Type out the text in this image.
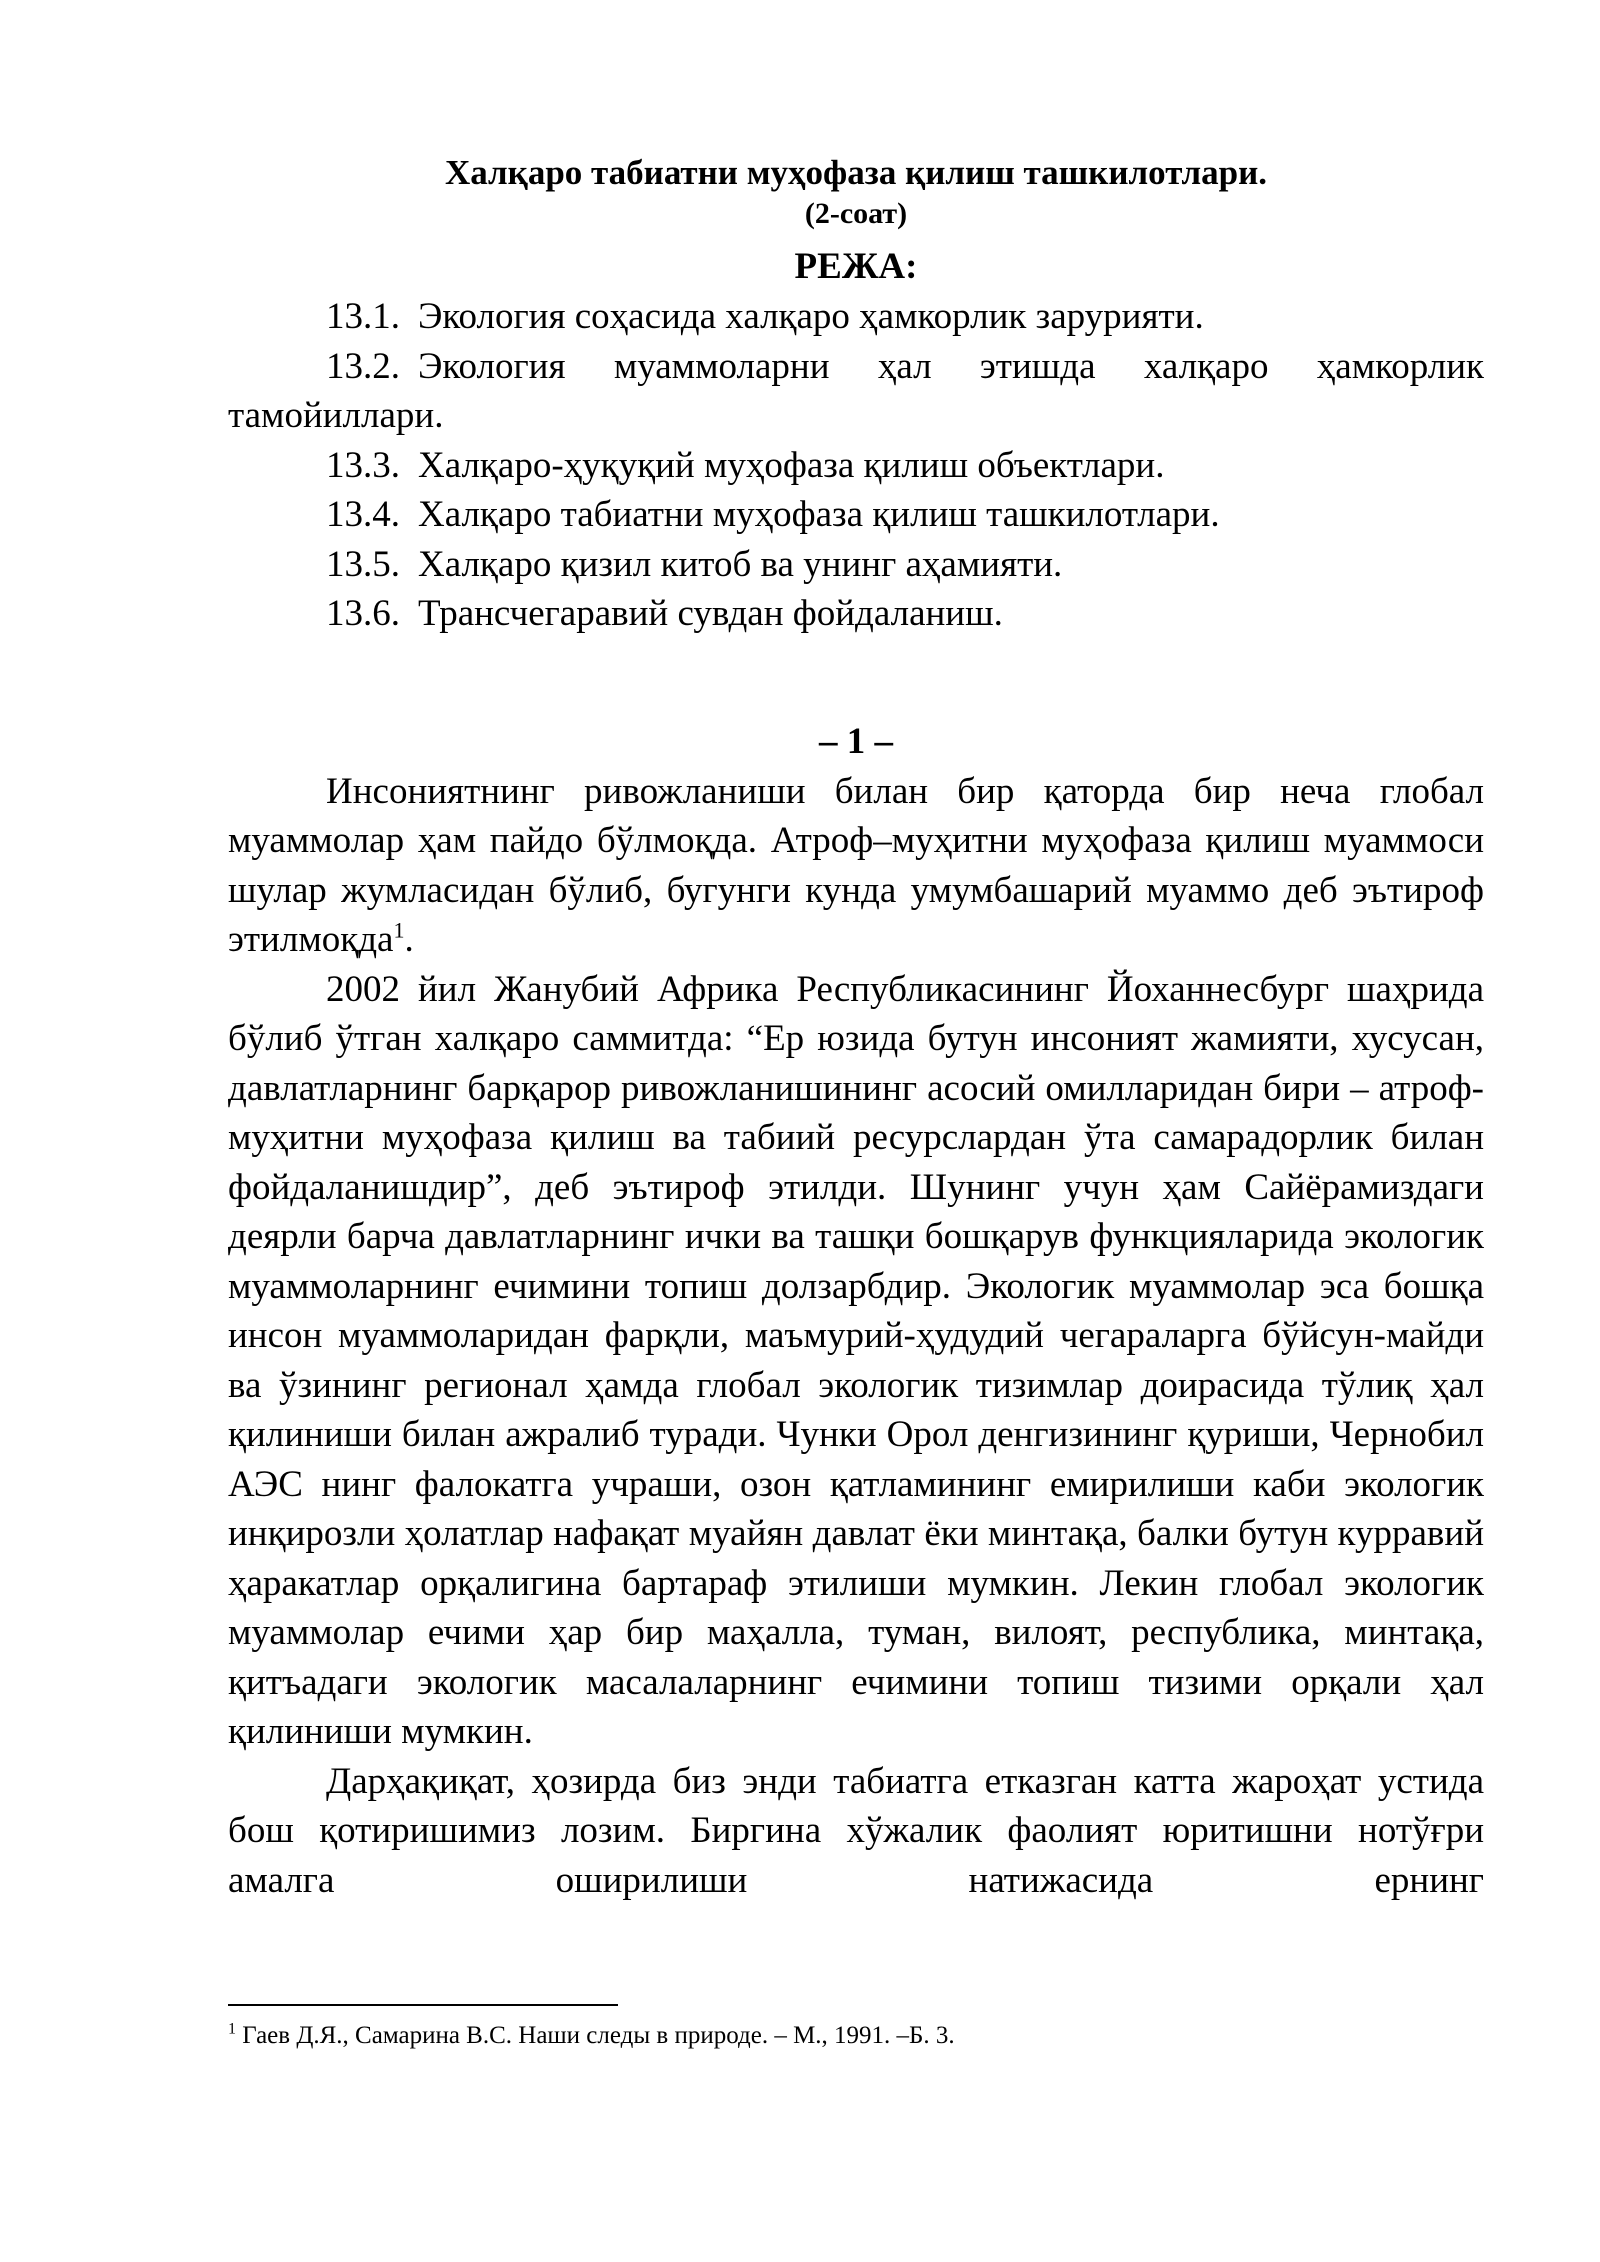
Халқаро табиатни муҳофаза қилиш ташкилотлари.

(2-соат)

РЕЖА:

13.1. Экология соҳасида халқаро ҳамкорлик зарурияти.
13.2. Экология муаммоларни ҳал этишда халқаро ҳамкорлик тамойиллари.
13.3. Халқаро-ҳуқуқий муҳофаза қилиш объектлари.
13.4. Халқаро табиатни муҳофаза қилиш ташкилотлари.
13.5. Халқаро қизил китоб ва унинг аҳамияти.
13.6. Трансчегаравий сувдан фойдаланиш.

– 1 –

Инсониятнинг ривожланиши билан бир қаторда бир неча глобал муаммолар ҳам пайдо бўлмоқда. Атроф–муҳитни муҳофаза қилиш муаммоси шулар жумласидан бўлиб, бугунги кунда умумбашарий муаммо деб эътироф этилмоқда$^1$.

2002 йил Жанубий Африка Республикасининг Йоханнесбург шаҳрида бўлиб ўтган халқаро саммитда: “Ер юзида бутун инсоният жамияти, хусусан, давлатларнинг барқарор ривожланишининг асосий омилларидан бири – атроф-муҳитни муҳофаза қилиш ва табиий ресурслардан ўта самарадорлик билан фойдаланишдир”, деб эътироф этилди. Шунинг учун ҳам Сайёрамиздаги деярли барча давлатларнинг ички ва ташқи бошқарув функцияларида экологик муаммоларнинг ечимини топиш долзарбдир. Экологик муаммолар эса бошқа инсон муаммоларидан фарқли, маъмурий-ҳудудий чегараларга бўйсун-майди ва ўзининг регионал ҳамда глобал экологик тизимлар доирасида тўлиқ ҳал қилиниши билан ажралиб туради. Чунки Орол денгизининг қуриши, Чернобил АЭС нинг фалокатга учраши, озон қатламининг емирилиши каби экологик инқирозли ҳолатлар нафақат муайян давлат ёки минтақа, балки бутун курравий ҳаракатлар орқалигина бартараф этилиши мумкин. Лекин глобал экологик муаммолар ечими ҳар бир маҳалла, туман, вилоят, республика, минтақа, қитъадаги экологик масалаларнинг ечимини топиш тизими орқали ҳал қилиниши мумкин.

Дарҳақиқат, ҳозирда биз энди табиатга етказган катта жароҳат устида бош қотиришимиз лозим. Биргина хўжалик фаолият юритишни нотўғри амалга оширилиши натижасида ернинг

$^1$ Гаев Д.Я., Самарина В.С. Наши следы в природе. – М., 1991. –Б. 3.
